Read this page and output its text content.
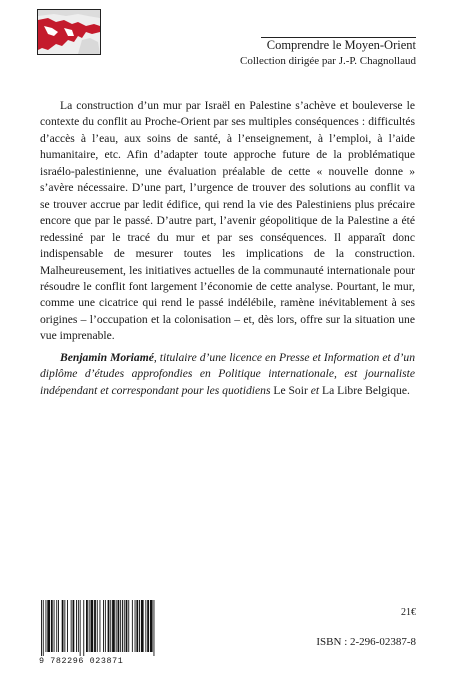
Comprendre le Moyen-Orient
Collection dirigée par J.-P. Chagnollaud

La construction d’un mur par Israël en Palestine s’achève et bouleverse le contexte du conflit au Proche-Orient par ses multiples conséquences : difficultés d’accès à l’eau, aux soins de santé, à l’enseignement, à l’emploi, à l’aide humanitaire, etc. Afin d’adapter toute approche future de la problématique israélo-palestinienne, une évaluation préalable de cette « nouvelle donne » s’avère nécessaire. D’une part, l’urgence de trouver des solutions au conflit va se trouver accrue par ledit édifice, qui rend la vie des Palestiniens plus précaire encore que par le passé. D’autre part, l’avenir géopolitique de la Palestine a été redessiné par le tracé du mur et par ses conséquences. Il apparaît donc indispensable de mesurer toutes les implications de la construction. Malheureusement, les initiatives actuelles de la communauté internationale pour résoudre le conflit font largement l’économie de cette analyse. Pourtant, le mur, comme une cicatrice qui rend le passé indélébile, ramène inévitablement à ses origines – l’occupation et la colonisation – et, dès lors, offre sur la situation une vue imprenable.

Benjamin Moriamé, titulaire d’une licence en Presse et Information et d’un diplôme d’études approfondies en Politique internationale, est journaliste indépendant et correspondant pour les quotidiens Le Soir et La Libre Belgique.

21€
9 782296 023871
ISBN : 2-296-02387-8
